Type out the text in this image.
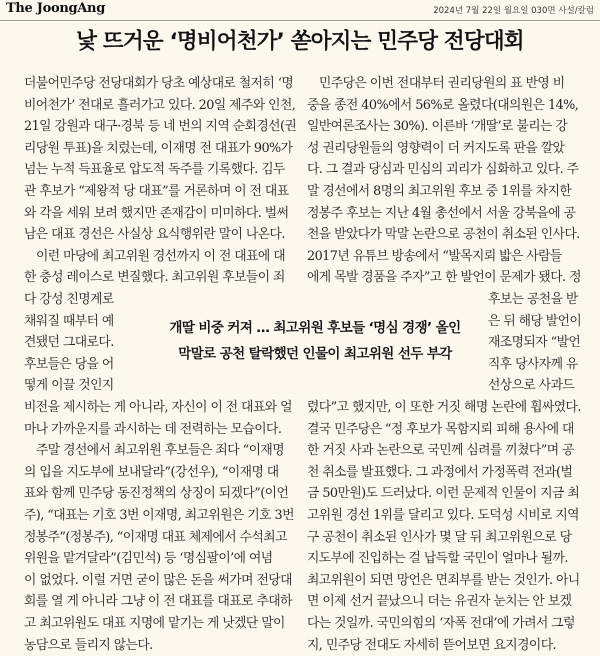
The JoongAng	2024년 7월 22일 월요일 030면 사설/칼럼
낯 뜨거운 ‘명비어천가’ 쏟아지는 민주당 전당대회
더불어민주당 전당대회가 당초 예상대로 철저히 ‘명
비어천가’ 전대로 흘러가고 있다. 20일 제주와 인천,
21일 강원과 대구·경북 등 네 번의 지역 순회경선(권
리당원 투표)을 치렀는데, 이재명 전 대표가 90%가
넘는 누적 득표율로 압도적 독주를 기록했다. 김두
관 후보가 “제왕적 당 대표”를 거론하며 이 전 대표
와 각을 세워 보려 했지만 존재감이 미미하다. 벌써
남은 대표 경선은 사실상 요식행위란 말이 나온다.
이런 마당에 최고위원 경선까지 이 전 대표에 대
한 충성 레이스로 변질했다. 최고위원 후보들이 죄
민주당은 이번 전대부터 권리당원의 표 반영 비
중을 종전 40%에서 56%로 올렸다(대의원은 14%,
일반여론조사는 30%). 이른바 ‘개딸’로 불리는 강
성 권리당원들의 영향력이 더 커지도록 판을 깔았
다. 그 결과 당심과 민심의 괴리가 심화하고 있다. 주
말 경선에서 8명의 최고위원 후보 중 1위를 차지한
정봉주 후보는 지난 4월 총선에서 서울 강북을에 공
천을 받았다가 막말 논란으로 공천이 취소된 인사다.
2017년 유튜브 방송에서 “발목지뢰 밟은 사람들
에게 목발 경품을 주자”고 한 발언이 문제가 됐다. 정
다 강성 친명계로
채워질 때부터 예
견됐던 그대로다.
후보들은 당을 어
떻게 이끌 것인지
후보는 공천을 받
은 뒤 해당 발언이
재조명되자 “발언
직후 당사자께 유
선상으로 사과드
개딸 비중 커져 … 최고위원 후보들 ‘명심 경쟁’ 올인
막말로 공천 탈락했던 인물이 최고위원 선두 부각
비전을 제시하는 게 아니라, 자신이 이 전 대표와 얼
마나 가까운지를 과시하는 데 전력하는 모습이다.
주말 경선에서 최고위원 후보들은 죄다 “이재명
의 입을 지도부에 보내달라”(강선우), “이재명 대
표와 함께 민주당 동진정책의 상징이 되겠다”(이언
주), “대표는 기호 3번 이재명, 최고위원은 기호 3번
정봉주”(정봉주), “이재명 대표 체제에서 수석최고
위원을 맡겨달라”(김민석) 등 ‘명심팔이’에 여념
이 없었다. 이럴 거면 굳이 많은 돈을 써가며 전당대
회를 열 게 아니라 그냥 이 전 대표를 대표로 추대하
고 최고위원도 대표 지명에 맡기는 게 낫겠단 말이
농담으로 들리지 않는다.
렸다”고 했지만, 이 또한 거짓 해명 논란에 휩싸였다.
결국 민주당은 “정 후보가 목함지뢰 피해 용사에 대
한 거짓 사과 논란으로 국민께 심려를 끼쳤다”며 공
천 취소를 발표했다. 그 과정에서 가정폭력 전과(벌
금 50만원)도 드러났다. 이런 문제적 인물이 지금 최
고위원 경선 1위를 달리고 있다. 도덕성 시비로 지역
구 공천이 취소된 인사가 몇 달 뒤 최고위원으로 당
지도부에 진입하는 걸 납득할 국민이 얼마나 될까.
최고위원이 되면 망언은 면죄부를 받는 것인가. 아니
면 이제 선거 끝났으니 더는 유권자 눈치는 안 보겠
다는 것일까. 국민의힘의 ‘자폭 전대’에 가려서 그렇
지, 민주당 전대도 자세히 뜯어보면 요지경이다.
